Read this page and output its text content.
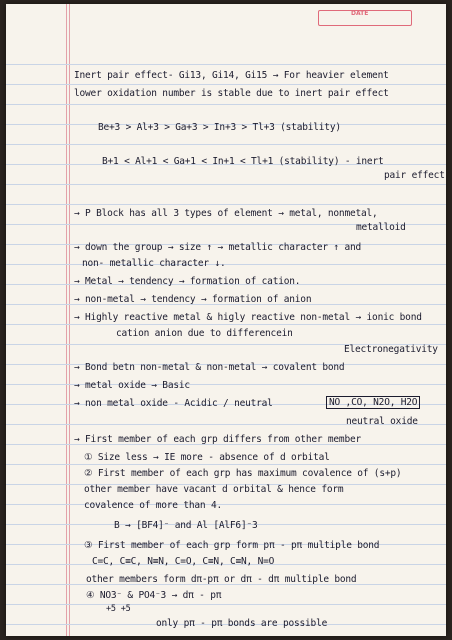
DATE
Inert pair effect- Gi13, Gi14, Gi15 → For heavier element
lower oxidation number is stable due to inert pair effect
Be+3 > Al+3 > Ga+3 > In+3 > Tl+3 (stability)
B+1 < Al+1 < Ga+1 < In+1 < Tl+1 (stability) - inert
pair effect
→ P Block has all 3 types of element → metal, nonmetal,
metalloid
→ down the group → size ↑ → metallic character ↑ and
non- metallic character ↓.
→ Metal → tendency → formation of cation.
→ non-metal → tendency → formation of anion
→ Highly reactive metal & higly reactive non-metal → ionic bond
cation anion due to differencein
Electronegativity
→ Bond betn non-metal & non-metal → covalent bond
→ metal oxide → Basic
→ non metal oxide - Acidic / neutral	NO ,CO, N2O, H2O
neutral oxide
→ First member of each grp differs from other member
① Size less → IE more - absence of d orbital
② First member of each grp has maximum covalence of (s+p)
other member have vacant d orbital & hence form
covalence of more than 4.
B → [BF4]⁻ and Al [AlF6]⁻3
③ First member of each grp form pπ - pπ multiple bond
C=C, C≡C, N≡N, C=O, C≡N, C≡N, N=O
other members form dπ-pπ or dπ - dπ multiple bond
④ NO3⁻ & PO4⁻3 → dπ - pπ
+5 +5
only pπ - pπ bonds are possible
